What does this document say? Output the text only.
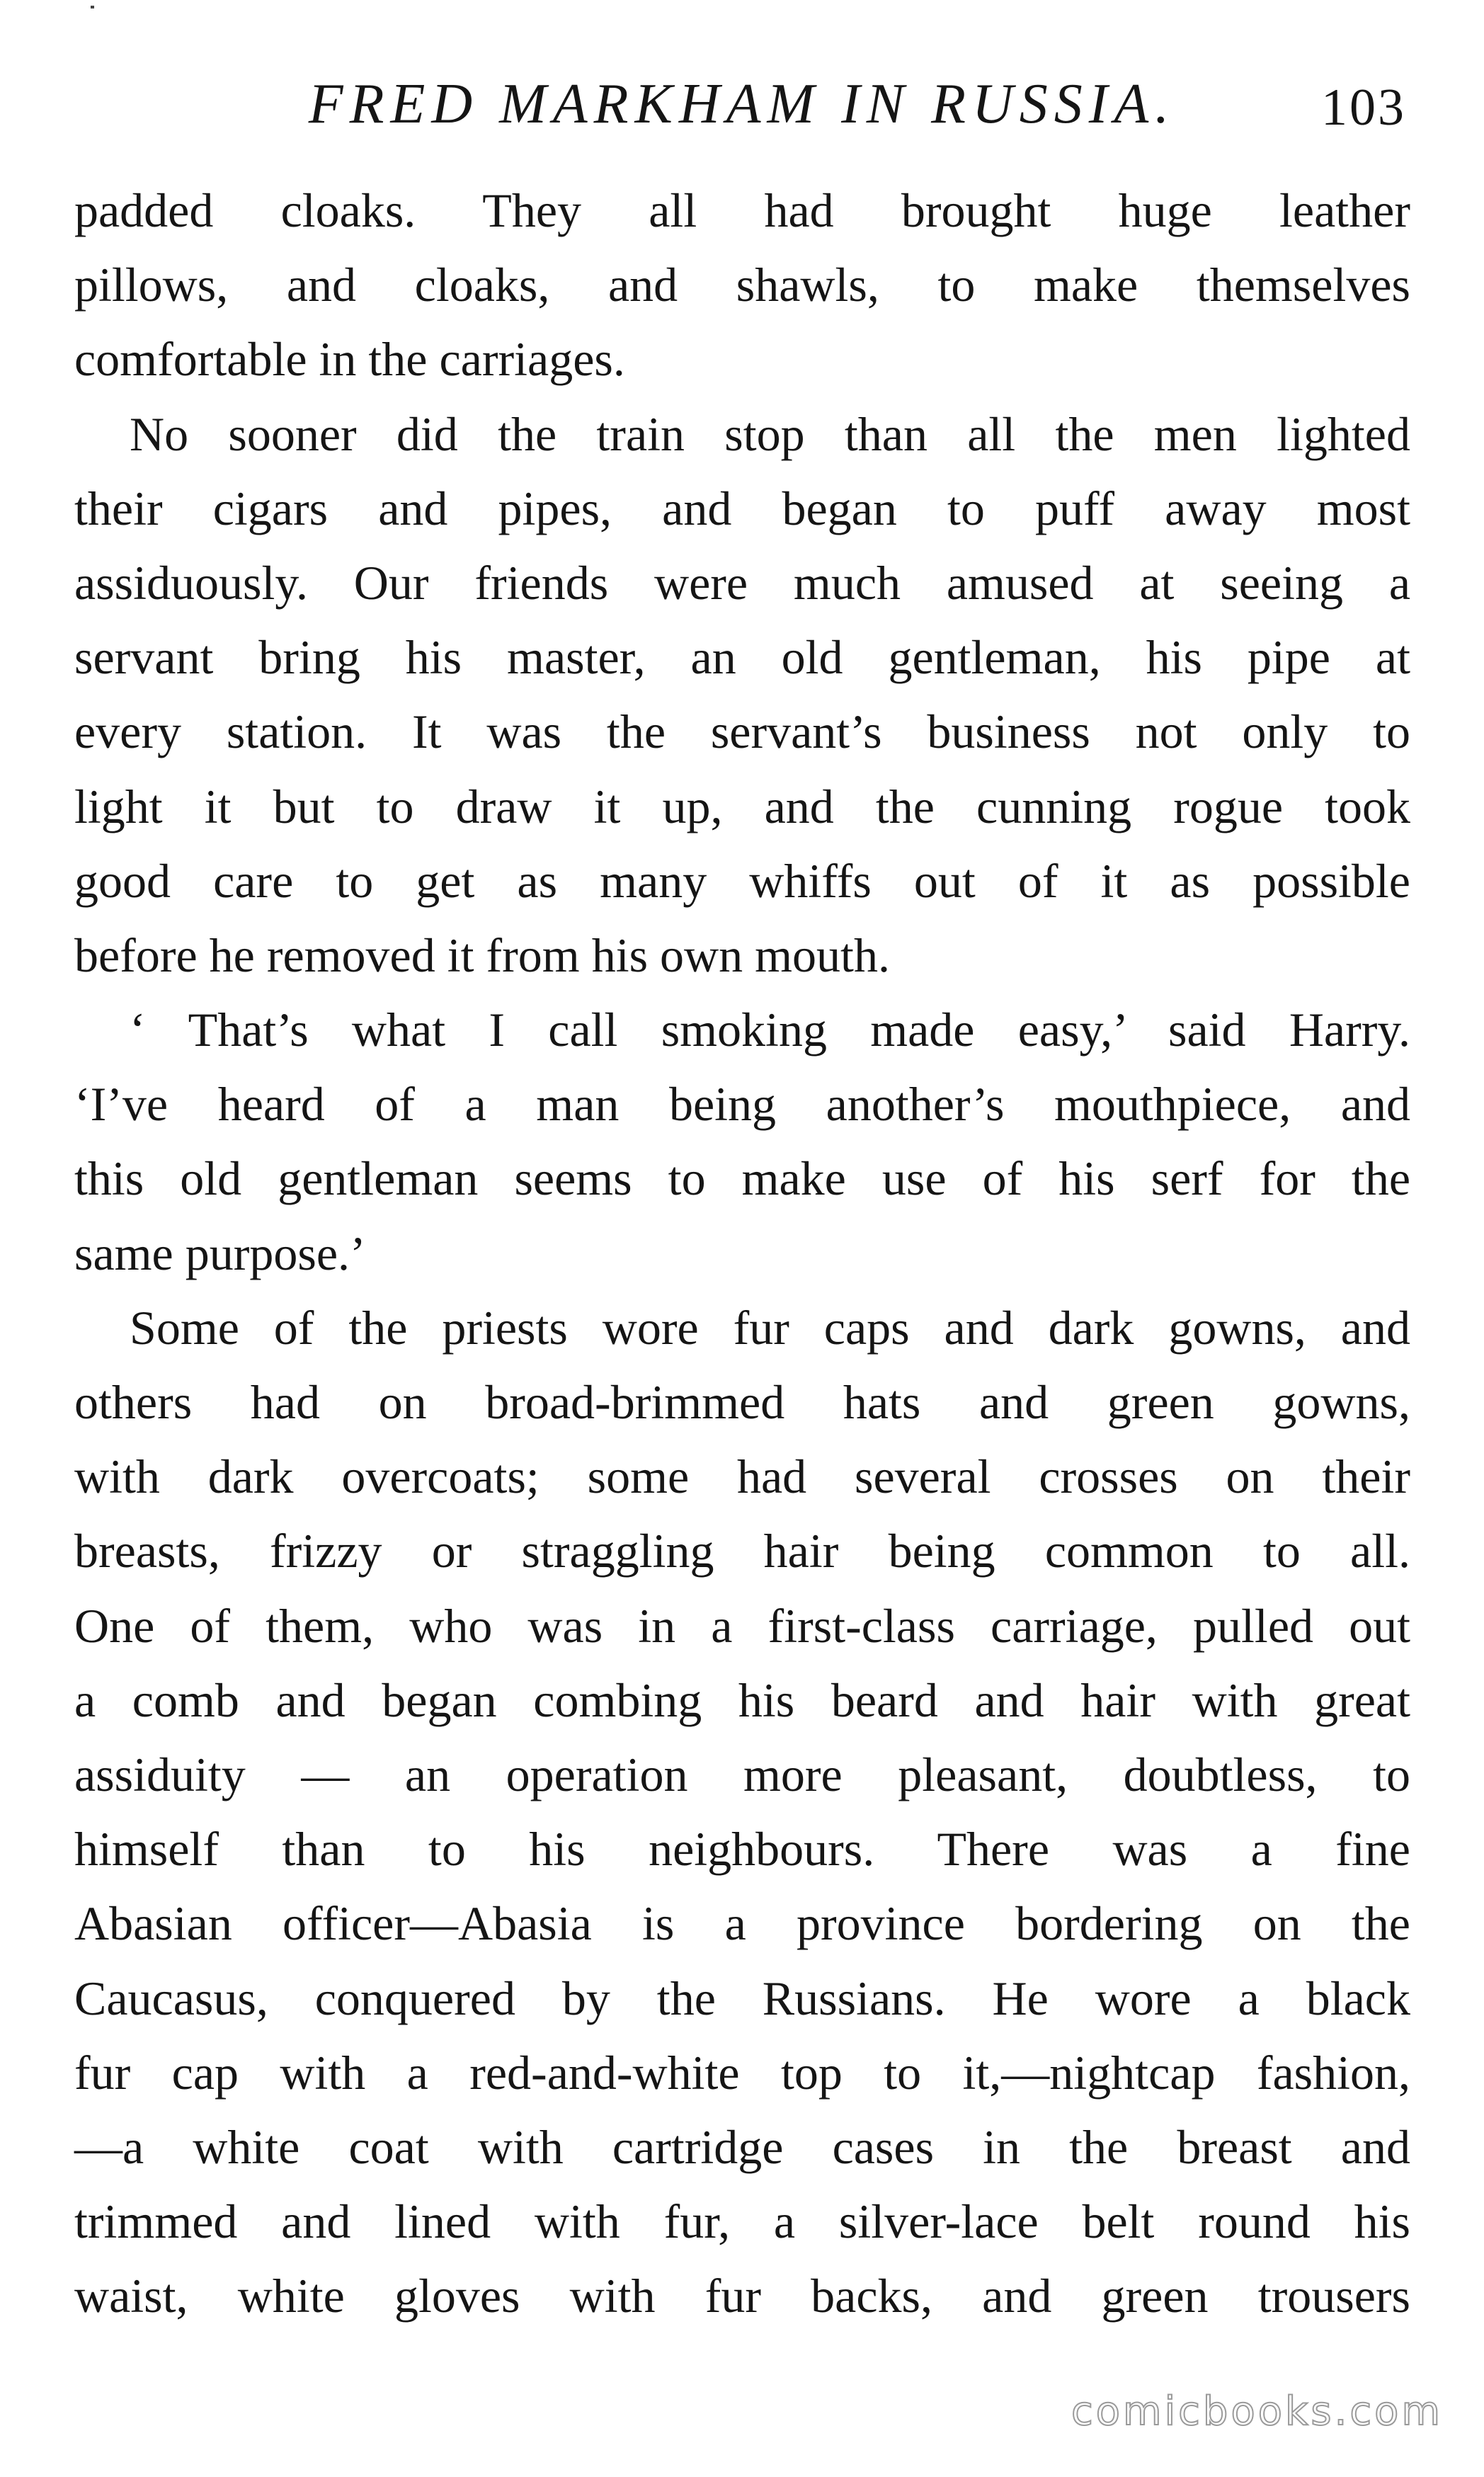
FRED MARKHAM IN RUSSIA.	103
padded cloaks. They all had brought huge leather
pillows, and cloaks, and shawls, to make themselves
comfortable in the carriages.
No sooner did the train stop than all the men lighted
their cigars and pipes, and began to puff away most
assiduously. Our friends were much amused at seeing a
servant bring his master, an old gentleman, his pipe at
every station. It was the servant’s business not only to
light it but to draw it up, and the cunning rogue took
good care to get as many whiffs out of it as possible
before he removed it from his own mouth.
‘ That’s what I call smoking made easy,’ said Harry.
‘I’ve heard of a man being another’s mouthpiece, and
this old gentleman seems to make use of his serf for the
same purpose.’
Some of the priests wore fur caps and dark gowns, and
others had on broad-brimmed hats and green gowns,
with dark overcoats; some had several crosses on their
breasts, frizzy or straggling hair being common to all.
One of them, who was in a first-class carriage, pulled out
a comb and began combing his beard and hair with great
assiduity — an operation more pleasant, doubtless, to
himself than to his neighbours. There was a fine
Abasian officer—Abasia is a province bordering on the
Caucasus, conquered by the Russians. He wore a black
fur cap with a red-and-white top to it,—nightcap fashion,
—a white coat with cartridge cases in the breast and
trimmed and lined with fur, a silver-lace belt round his
waist, white gloves with fur backs, and green trousers
comicbooks.com
